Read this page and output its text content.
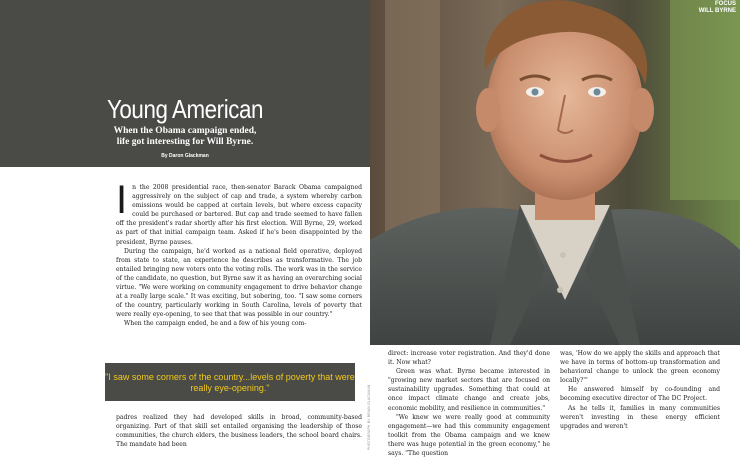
Young American
When the Obama campaign ended,
life got interesting for Will Byrne.
By Daron Glackman
I n the 2008 presidential race, then-senator Barack Obama campaigned aggressively on the subject of cap and trade, a system whereby carbon emissions would be capped at certain levels, but where excess capacity could be purchased or bartered. But cap and trade seemed to have fallen off the president's radar shortly after his first election. Will Byrne, 29, worked as part of that initial campaign team. Asked if he's been disappointed by the president, Byrne pauses.

During the campaign, he'd worked as a national field operative, deployed from state to state, an experience he describes as transformative. The job entailed bringing new voters onto the voting rolls. The work was in the service of the candidate, no question, but Byrne saw it as having an overarching social virtue. "We were working on community engagement to drive behavior change at a really large scale." It was exciting, but sobering, too. "I saw some corners of the country, particularly working in South Carolina, levels of poverty that were really eye-opening, to see that that was possible in our country."

When the campaign ended, he and a few of his young com-

"I saw some corners of the country...levels of poverty that were really eye-opening."

padres realized they had developed skills in broad, community-based organizing. Part of that skill set entailed organising the leadership of those communities, the church elders, the business leaders, the school board chairs. The mandate had been

FOCUS
WILL BYRNE
PHOTOGRAPH BY BRIAN GLACKMAN

direct: increase voter registration. And they'd done it. Now what?

Green was what. Byrne became interested in "growing new market sectors that are focused on sustainability upgrades. Something that could at once impact climate change and create jobs, economic mobility, and resilience in communities."

"We knew we were really good at community engagement—we had this community engagement toolkit from the Obama campaign and we knew there was huge potential in the green economy," he says. "The question

was, 'How do we apply the skills and approach that we have in terms of bottom-up transformation and behavioral change to unlock the green economy locally?'"

He answered himself by co-founding and becoming executive director of The DC Project.

As he tells it, families in many communities weren't investing in these energy efficient upgrades and weren't
